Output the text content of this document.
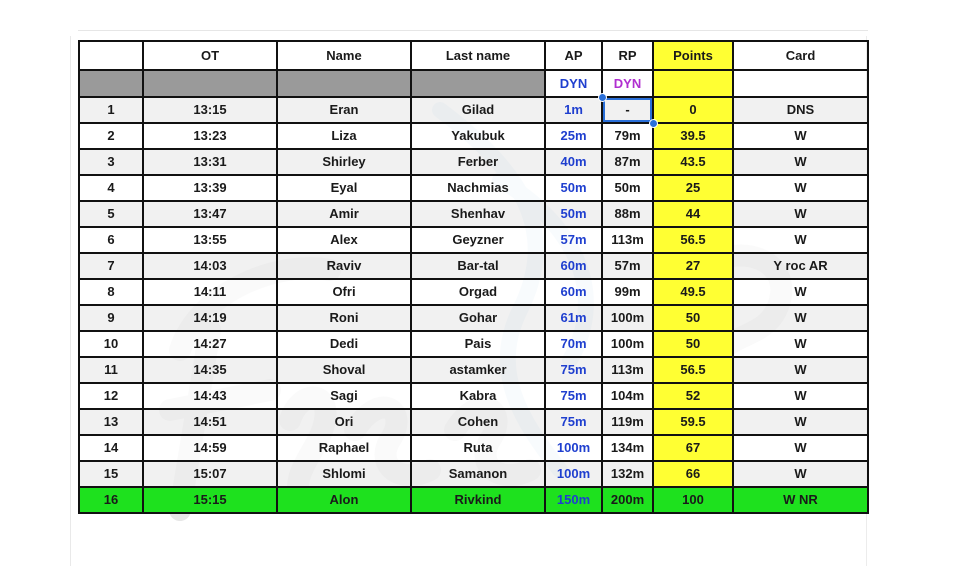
	OT	Name	Last name	AP	RP	Points	Card
				DYN	DYN		
1	13:15	Eran	Gilad	1m	-	0	DNS
2	13:23	Liza	Yakubuk	25m	79m	39.5	W
3	13:31	Shirley	Ferber	40m	87m	43.5	W
4	13:39	Eyal	Nachmias	50m	50m	25	W
5	13:47	Amir	Shenhav	50m	88m	44	W
6	13:55	Alex	Geyzner	57m	113m	56.5	W
7	14:03	Raviv	Bar-tal	60m	57m	27	Y roc AR
8	14:11	Ofri	Orgad	60m	99m	49.5	W
9	14:19	Roni	Gohar	61m	100m	50	W
10	14:27	Dedi	Pais	70m	100m	50	W
11	14:35	Shoval	astamker	75m	113m	56.5	W
12	14:43	Sagi	Kabra	75m	104m	52	W
13	14:51	Ori	Cohen	75m	119m	59.5	W
14	14:59	Raphael	Ruta	100m	134m	67	W
15	15:07	Shlomi	Samanon	100m	132m	66	W
16	15:15	Alon	Rivkind	150m	200m	100	W NR
